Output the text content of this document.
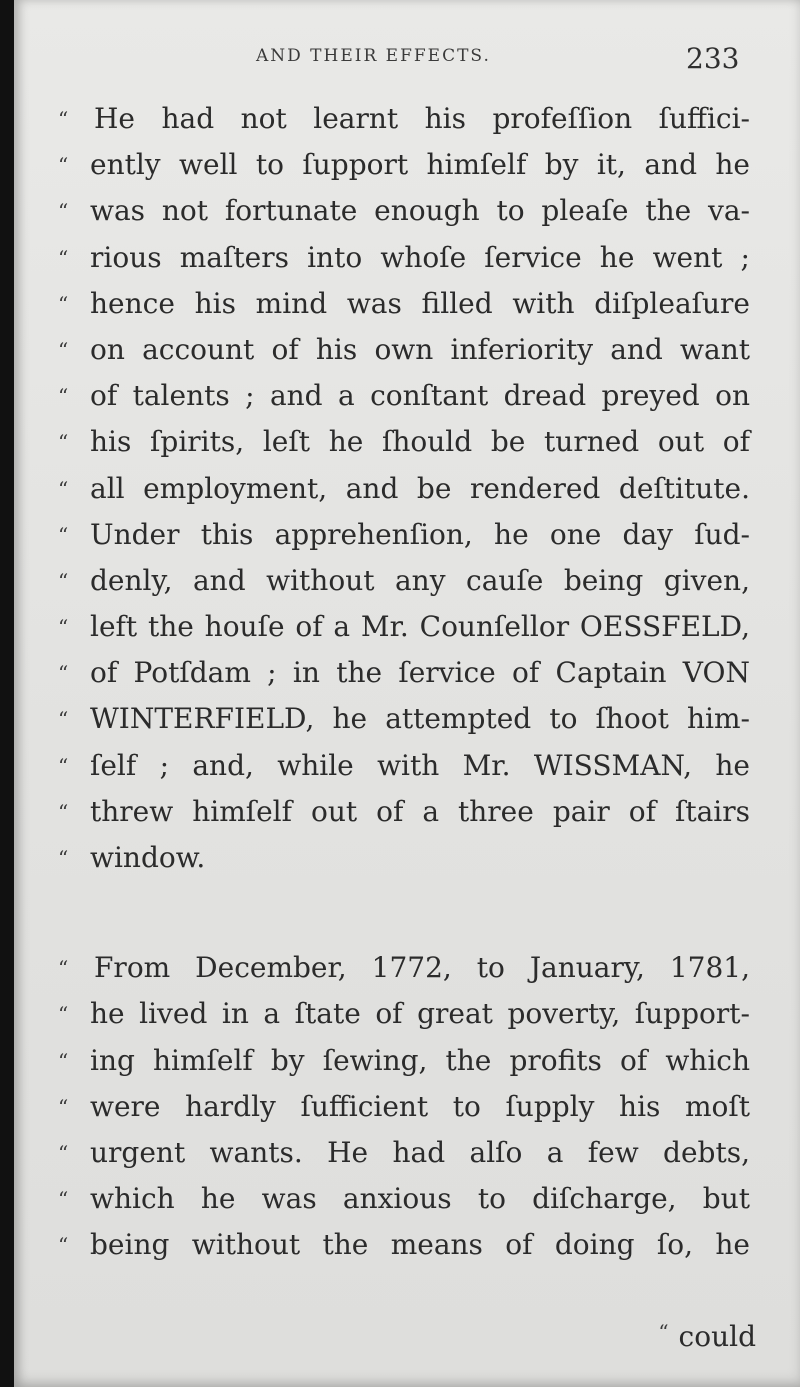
AND THEIR EFFECTS.	233
“ He had not learnt his profeſſion ſuffici-
“ ently well to ſupport himſelf by it, and he
“ was not fortunate enough to pleaſe the va-
“ rious maſters into whoſe ſervice he went ;
“ hence his mind was filled with diſpleaſure
“ on account of his own inferiority and want
“ of talents ; and a conſtant dread preyed on
“ his ſpirits, leſt he ſhould be turned out of
“ all employment, and be rendered deſtitute.
“ Under this apprehenſion, he one day ſud-
“ denly, and without any cauſe being given,
“ left the houſe of a Mr. Counſellor OESSFELD,
“ of Potſdam ; in the ſervice of Captain VON
“ WINTERFIELD, he attempted to ſhoot him-
“ ſelf ; and, while with Mr. WISSMAN, he
“ threw himſelf out of a three pair of ſtairs
“ window.
“ From December, 1772, to January, 1781,
“ he lived in a ſtate of great poverty, ſupport-
“ ing himſelf by ſewing, the profits of which
“ were hardly ſufficient to ſupply his moſt
“ urgent wants. He had alſo a few debts,
“ which he was anxious to diſcharge, but
“ being without the means of doing ſo, he
“ could
